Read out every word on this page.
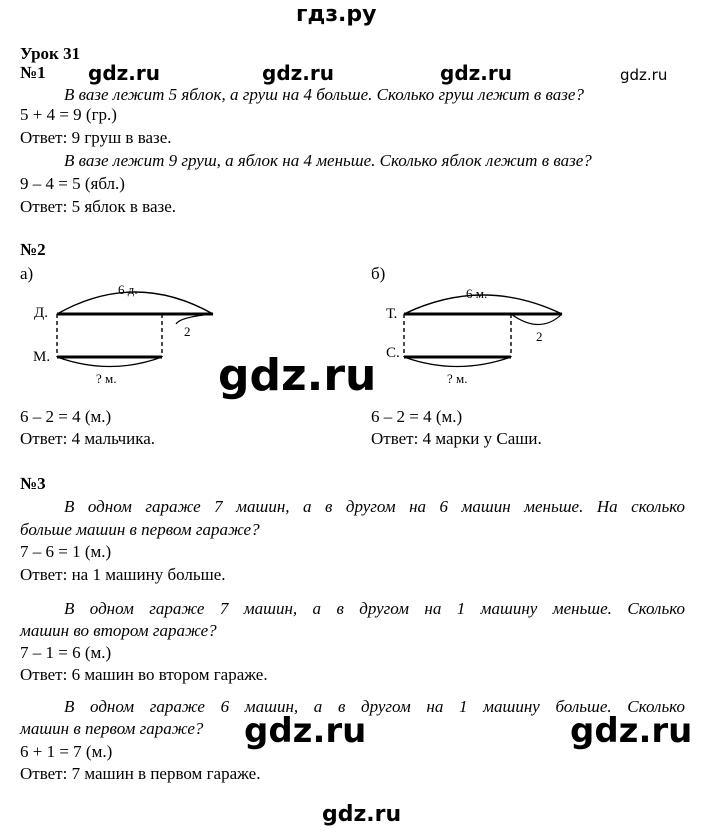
гдз.ру
Урок 31
№1 gdz.ru	gdz.ru	gdz.ru	gdz.ru
В вазе лежит 5 яблок, а груш на 4 больше. Сколько груш лежит в вазе?
5 + 4 = 9 (гр.)
Ответ: 9 груш в вазе.
В вазе лежит 9 груш, а яблок на 4 меньше. Сколько яблок лежит в вазе?
9 – 4 = 5 (ябл.)
Ответ: 5 яблок в вазе.
№2
а)	б)
Д.
М.
6 д.
2
? м.
Т.
С.
6 м.
2
? м.
gdz.ru
6 – 2 = 4 (м.)
Ответ: 4 мальчика.
6 – 2 = 4 (м.)
Ответ: 4 марки у Саши.
№3
В одном гараже 7 машин, а в другом на 6 машин меньше. На сколько
больше машин в первом гараже?
7 – 6 = 1 (м.)
Ответ: на 1 машину больше.
В одном гараже 7 машин, а в другом на 1 машину меньше. Сколько
машин во втором гараже?
7 – 1 = 6 (м.)
Ответ: 6 машин во втором гараже.
В одном гараже 6 машин, а в другом на 1 машину больше. Сколько
машин в первом гараже?
6 + 1 = 7 (м.)
Ответ: 7 машин в первом гараже.
gdz.ru	gdz.ru
gdz.ru
